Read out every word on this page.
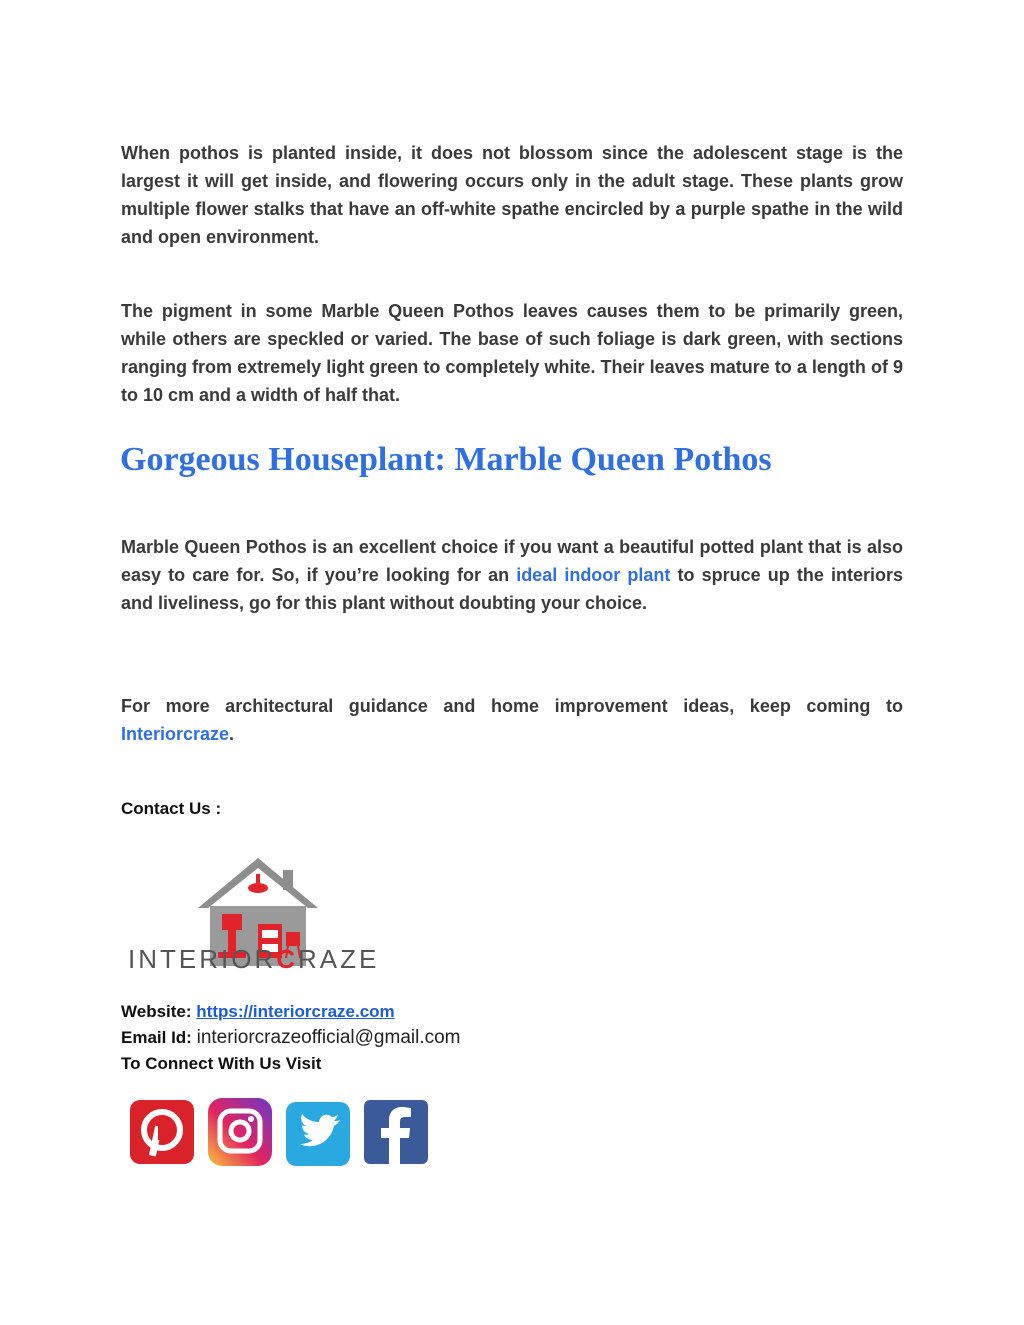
When pothos is planted inside, it does not blossom since the adolescent stage is the largest it will get inside, and flowering occurs only in the adult stage. These plants grow multiple flower stalks that have an off-white spathe encircled by a purple spathe in the wild and open environment.

The pigment in some Marble Queen Pothos leaves causes them to be primarily green, while others are speckled or varied. The base of such foliage is dark green, with sections ranging from extremely light green to completely white. Their leaves mature to a length of 9 to 10 cm and a width of half that.

Gorgeous Houseplant: Marble Queen Pothos

Marble Queen Pothos is an excellent choice if you want a beautiful potted plant that is also easy to care for. So, if you’re looking for an ideal indoor plant to spruce up the interiors and liveliness, go for this plant without doubting your choice.

For more architectural guidance and home improvement ideas, keep coming to Interiorcraze.

Contact Us :
INTERIORCRAZE
Website: https://interiorcraze.com
Email Id: interiorcrazeofficial@gmail.com
To Connect With Us Visit
